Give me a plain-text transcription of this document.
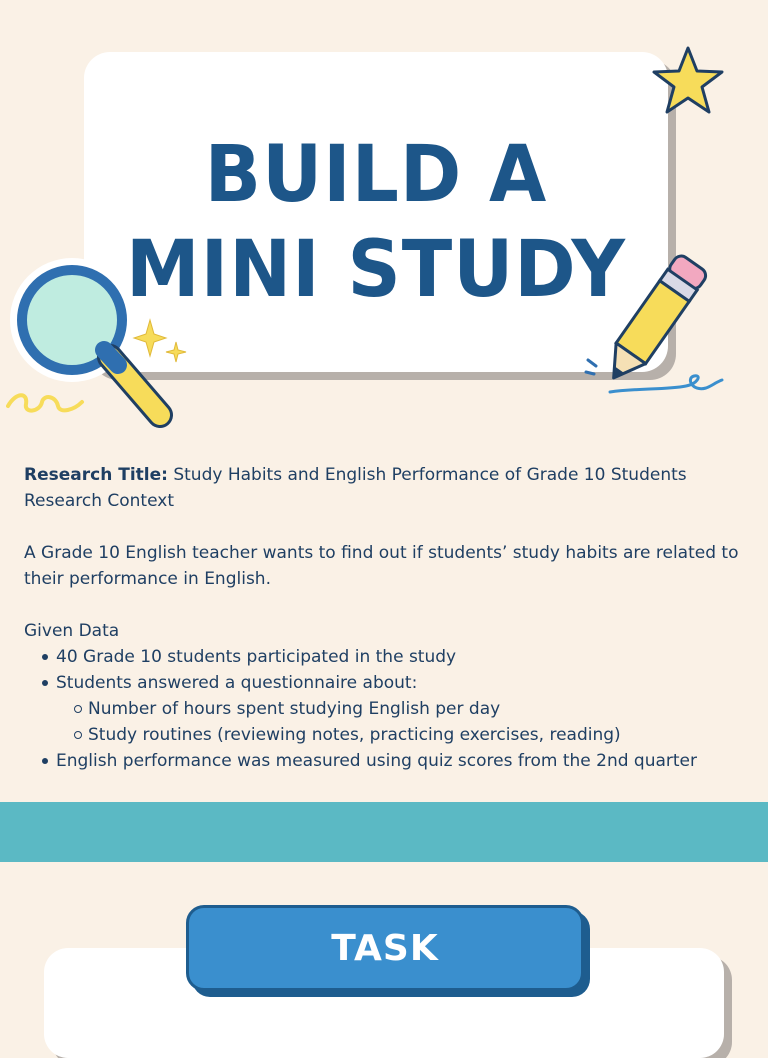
BUILD A
MINI STUDY

Research Title: Study Habits and English Performance of Grade 10 Students

Research Context

A Grade 10 English teacher wants to find out if students’ study habits are related to their performance in English.

Given Data

40 Grade 10 students participated in the study
Students answered a questionnaire about:
Number of hours spent studying English per day
Study routines (reviewing notes, practicing exercises, reading)
English performance was measured using quiz scores from the 2nd quarter
TASK
